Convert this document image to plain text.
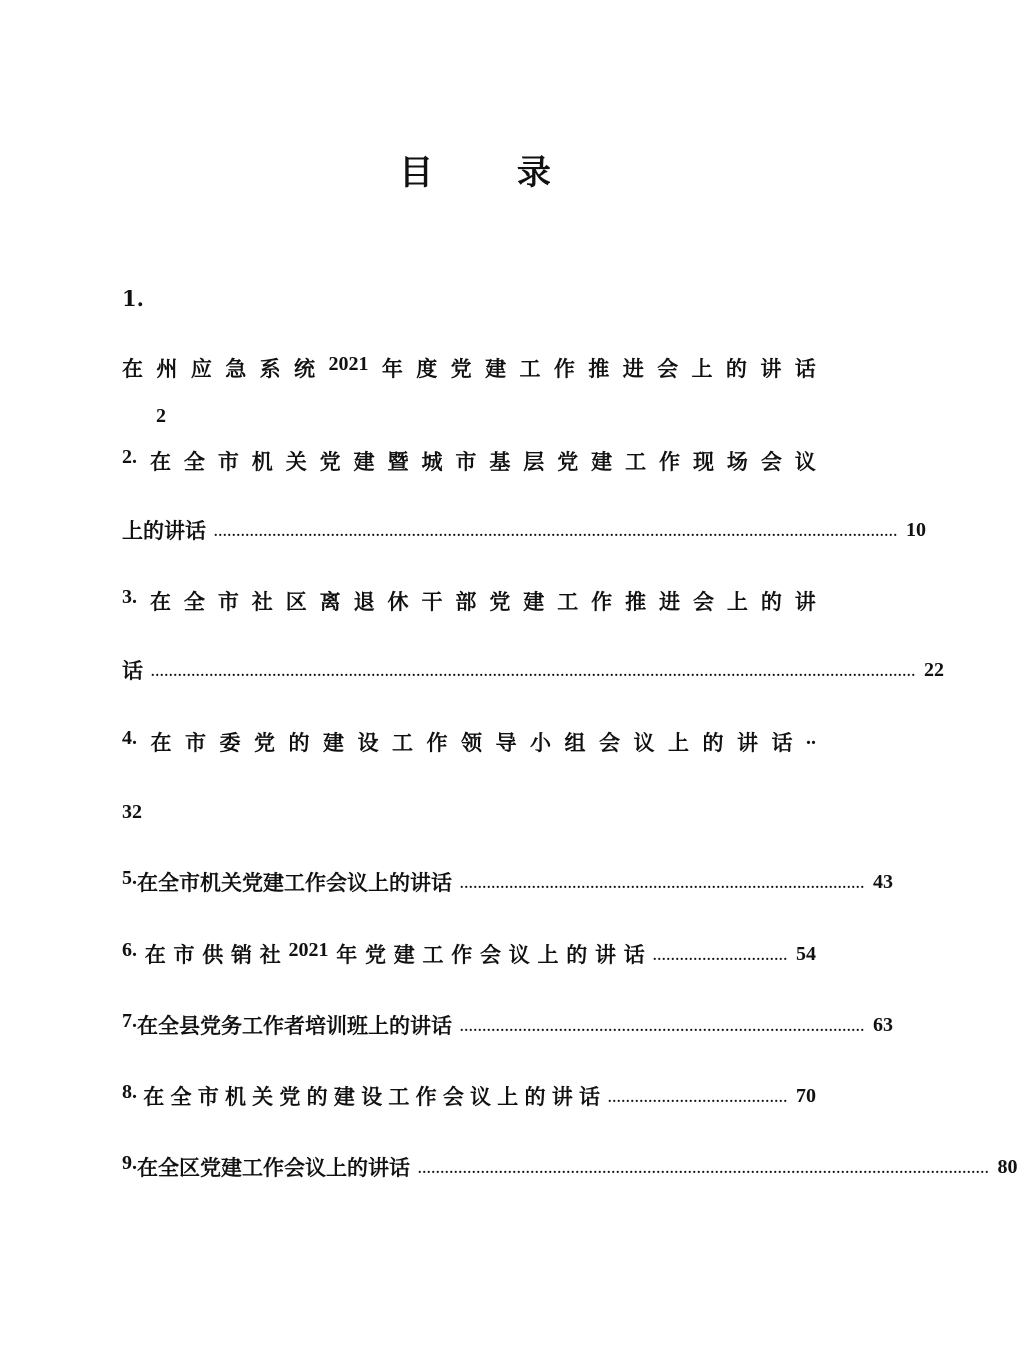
目 录
1.
在 州 应 急 系 统 2021 年 度 党 建 工 作 推 进 会 上 的 讲 话
2
2. 在 全 市 机 关 党 建 暨 城 市 基 层 党 建 工 作 现 场 会 议
上 的 讲 话 ........................................................................................................................................................ 10
3. 在 全 市 社 区 离 退 休 干 部 党 建 工 作 推 进 会 上 的 讲
话 .......................................................................................................................................................................... 22
4. 在 市 委 党 的 建 设 工 作 领 导 小 组 会 议 上 的 讲 话 ..
32
5. 在 全 市 机 关 党 建 工 作 会 议 上 的 讲 话 .......................................................................................... 43
6. 在 市 供 销 社 2021 年 党 建 工 作 会 议 上 的 讲 话 .............................. 54
7. 在 全 县 党 务 工 作 者 培 训 班 上 的 讲 话 .......................................................................................... 63
8. 在 全 市 机 关 党 的 建 设 工 作 会 议 上 的 讲 话 ........................................ 70
9. 在 全 区 党 建 工 作 会 议 上 的 讲 话 ............................................................................................................................... 80
